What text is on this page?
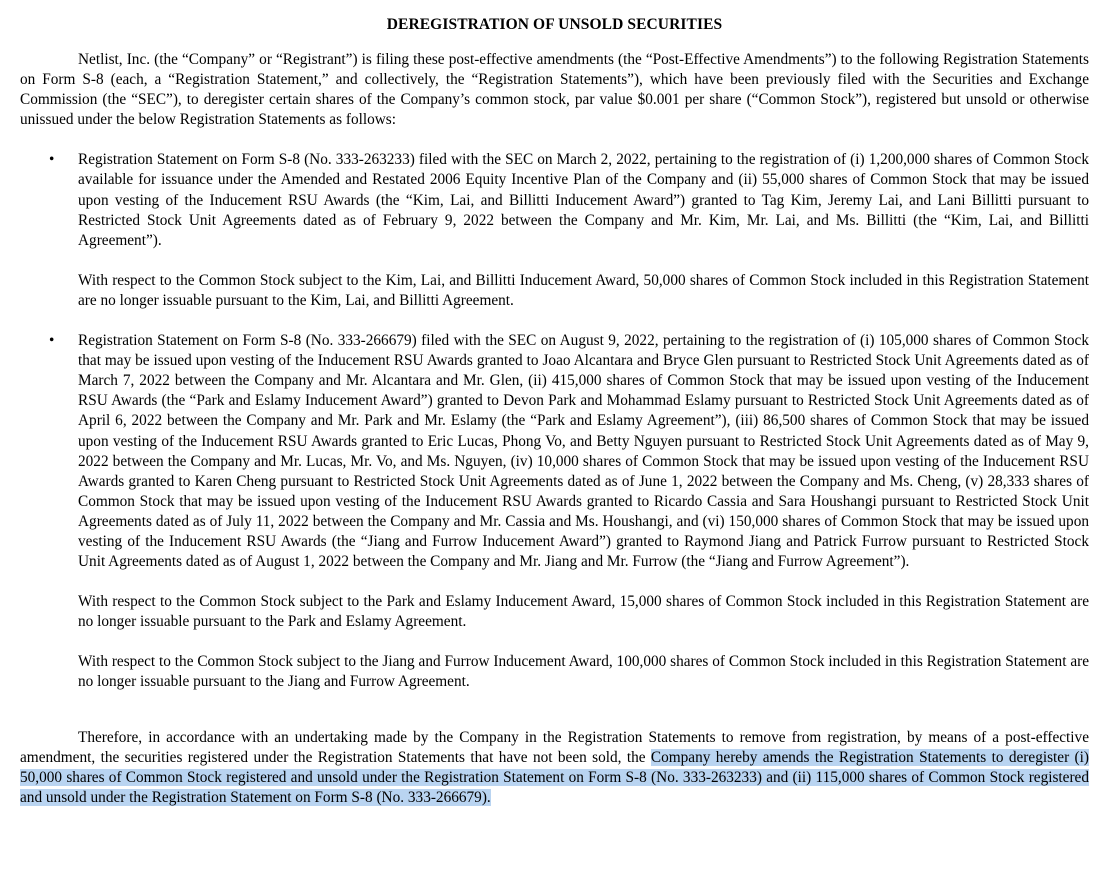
DEREGISTRATION OF UNSOLD SECURITIES

Netlist, Inc. (the “Company” or “Registrant”) is filing these post-effective amendments (the “Post-Effective Amendments”) to the following Registration Statements on Form S-8 (each, a “Registration Statement,” and collectively, the “Registration Statements”), which have been previously filed with the Securities and Exchange Commission (the “SEC”), to deregister certain shares of the Company’s common stock, par value $0.001 per share (“Common Stock”), registered but unsold or otherwise unissued under the below Registration Statements as follows:

•	Registration Statement on Form S-8 (No. 333-263233) filed with the SEC on March 2, 2022, pertaining to the registration of (i) 1,200,000 shares of Common Stock available for issuance under the Amended and Restated 2006 Equity Incentive Plan of the Company and (ii) 55,000 shares of Common Stock that may be issued upon vesting of the Inducement RSU Awards (the “Kim, Lai, and Billitti Inducement Award”) granted to Tag Kim, Jeremy Lai, and Lani Billitti pursuant to Restricted Stock Unit Agreements dated as of February 9, 2022 between the Company and Mr. Kim, Mr. Lai, and Ms. Billitti (the “Kim, Lai, and Billitti Agreement”).

With respect to the Common Stock subject to the Kim, Lai, and Billitti Inducement Award, 50,000 shares of Common Stock included in this Registration Statement are no longer issuable pursuant to the Kim, Lai, and Billitti Agreement.

•	Registration Statement on Form S-8 (No. 333-266679) filed with the SEC on August 9, 2022, pertaining to the registration of (i) 105,000 shares of Common Stock that may be issued upon vesting of the Inducement RSU Awards granted to Joao Alcantara and Bryce Glen pursuant to Restricted Stock Unit Agreements dated as of March 7, 2022 between the Company and Mr. Alcantara and Mr. Glen, (ii) 415,000 shares of Common Stock that may be issued upon vesting of the Inducement RSU Awards (the “Park and Eslamy Inducement Award”) granted to Devon Park and Mohammad Eslamy pursuant to Restricted Stock Unit Agreements dated as of April 6, 2022 between the Company and Mr. Park and Mr. Eslamy (the “Park and Eslamy Agreement”), (iii) 86,500 shares of Common Stock that may be issued upon vesting of the Inducement RSU Awards granted to Eric Lucas, Phong Vo, and Betty Nguyen pursuant to Restricted Stock Unit Agreements dated as of May 9, 2022 between the Company and Mr. Lucas, Mr. Vo, and Ms. Nguyen, (iv) 10,000 shares of Common Stock that may be issued upon vesting of the Inducement RSU Awards granted to Karen Cheng pursuant to Restricted Stock Unit Agreements dated as of June 1, 2022 between the Company and Ms. Cheng, (v) 28,333 shares of Common Stock that may be issued upon vesting of the Inducement RSU Awards granted to Ricardo Cassia and Sara Houshangi pursuant to Restricted Stock Unit Agreements dated as of July 11, 2022 between the Company and Mr. Cassia and Ms. Houshangi, and (vi) 150,000 shares of Common Stock that may be issued upon vesting of the Inducement RSU Awards (the “Jiang and Furrow Inducement Award”) granted to Raymond Jiang and Patrick Furrow pursuant to Restricted Stock Unit Agreements dated as of August 1, 2022 between the Company and Mr. Jiang and Mr. Furrow (the “Jiang and Furrow Agreement”).

With respect to the Common Stock subject to the Park and Eslamy Inducement Award, 15,000 shares of Common Stock included in this Registration Statement are no longer issuable pursuant to the Park and Eslamy Agreement.

With respect to the Common Stock subject to the Jiang and Furrow Inducement Award, 100,000 shares of Common Stock included in this Registration Statement are no longer issuable pursuant to the Jiang and Furrow Agreement.

Therefore, in accordance with an undertaking made by the Company in the Registration Statements to remove from registration, by means of a post-effective amendment, the securities registered under the Registration Statements that have not been sold, the Company hereby amends the Registration Statements to deregister (i) 50,000 shares of Common Stock registered and unsold under the Registration Statement on Form S-8 (No. 333-263233) and (ii) 115,000 shares of Common Stock registered and unsold under the Registration Statement on Form S-8 (No. 333-266679).
